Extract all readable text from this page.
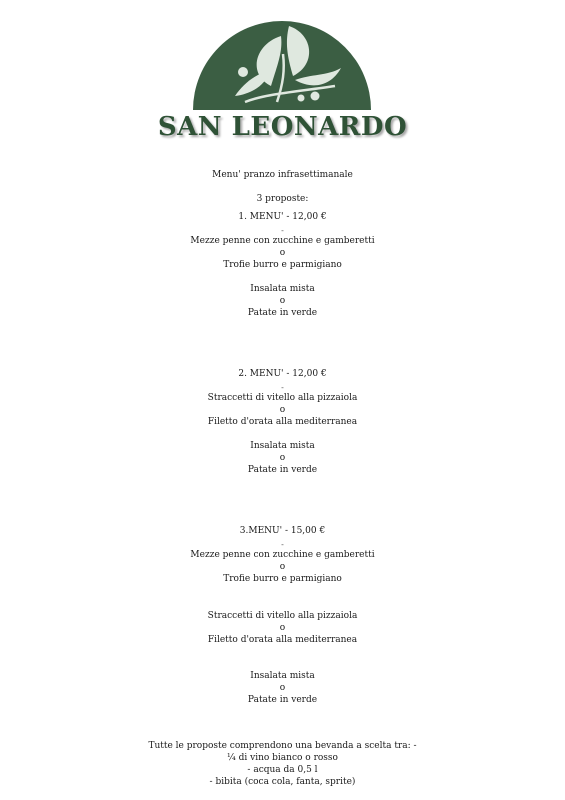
SAN LEONARDO
Menu' pranzo infrasettimanale
3 proposte:
1. MENU' - 12,00 €
-
Mezze penne con zucchine e gamberetti
o
Trofie burro e parmigiano
Insalata mista
o
Patate in verde
2. MENU' - 12,00 €
-
Straccetti di vitello alla pizzaiola
o
Filetto d'orata alla mediterranea
Insalata mista
o
Patate in verde
3.MENU' - 15,00 €
-
Mezze penne con zucchine e gamberetti
o
Trofie burro e parmigiano
Straccetti di vitello alla pizzaiola
o
Filetto d'orata alla mediterranea
Insalata mista
o
Patate in verde
Tutte le proposte comprendono una bevanda a scelta tra: -
¼ di vino bianco o rosso
- acqua da 0,5 l
- bibita (coca cola, fanta, sprite)
